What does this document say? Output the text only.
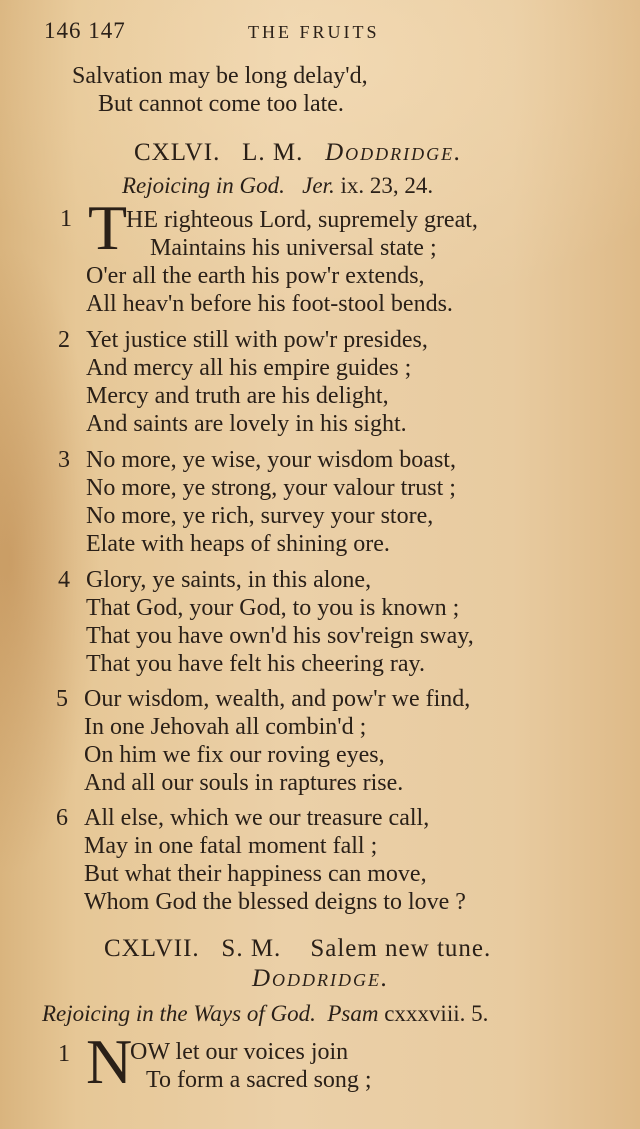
146 147	THE FRUITS
Salvation may be long delay'd,
But cannot come too late.
CXLVI. L. M. Doddridge.
Rejoicing in God. Jer. ix. 23, 24.
1 T
HE righteous Lord, supremely great,
Maintains his universal state ;
O'er all the earth his pow'r extends,
All heav'n before his foot-stool bends.
2 Yet justice still with pow'r presides,
And mercy all his empire guides ;
Mercy and truth are his delight,
And saints are lovely in his sight.
3 No more, ye wise, your wisdom boast,
No more, ye strong, your valour trust ;
No more, ye rich, survey your store,
Elate with heaps of shining ore.
4 Glory, ye saints, in this alone,
That God, your God, to you is known ;
That you have own'd his sov'reign sway,
That you have felt his cheering ray.
5 Our wisdom, wealth, and pow'r we find,
In one Jehovah all combin'd ;
On him we fix our roving eyes,
And all our souls in raptures rise.
6 All else, which we our treasure call,
May in one fatal moment fall ;
But what their happiness can move,
Whom God the blessed deigns to love ?
CXLVII. S. M. Salem new tune.
Doddridge.
Rejoicing in the Ways of God. Psam cxxxviii. 5.
1 N
OW let our voices join
To form a sacred song ;
